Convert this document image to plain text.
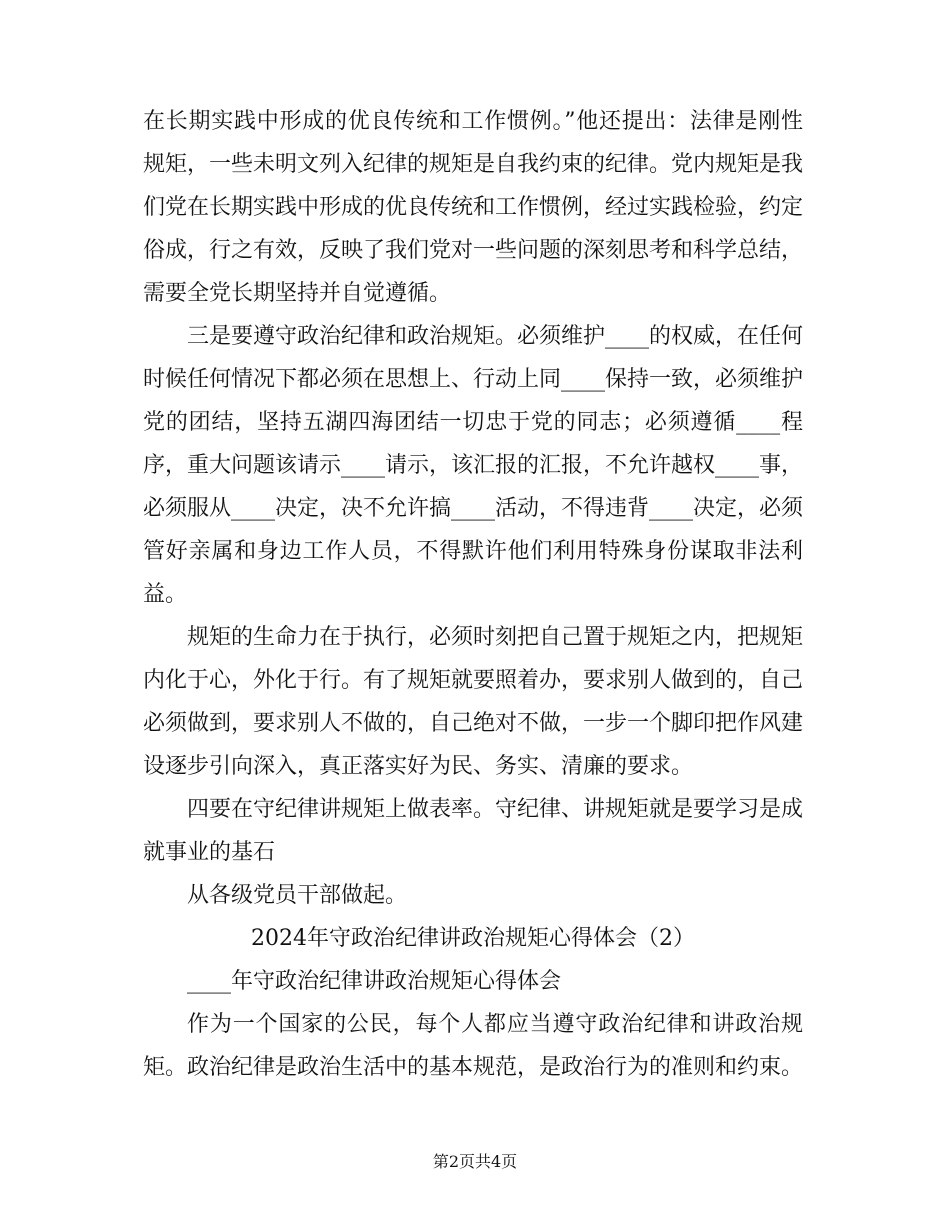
在长期实践中形成的优良传统和工作惯例。”他还提出：法律是刚性规矩，一些未明文列入纪律的规矩是自我约束的纪律。党内规矩是我们党在长期实践中形成的优良传统和工作惯例，经过实践检验，约定俗成，行之有效，反映了我们党对一些问题的深刻思考和科学总结，需要全党长期坚持并自觉遵循。

三是要遵守政治纪律和政治规矩。必须维护____的权威，在任何时候任何情况下都必须在思想上、行动上同____保持一致，必须维护党的团结，坚持五湖四海团结一切忠于党的同志；必须遵循____程序，重大问题该请示____请示，该汇报的汇报，不允许越权____事，必须服从____决定，决不允许搞____活动，不得违背____决定，必须管好亲属和身边工作人员，不得默许他们利用特殊身份谋取非法利益。

规矩的生命力在于执行，必须时刻把自己置于规矩之内，把规矩内化于心，外化于行。有了规矩就要照着办，要求别人做到的，自己必须做到，要求别人不做的，自己绝对不做，一步一个脚印把作风建设逐步引向深入，真正落实好为民、务实、清廉的要求。

四要在守纪律讲规矩上做表率。守纪律、讲规矩就是要学习是成就事业的基石

从各级党员干部做起。

2024年守政治纪律讲政治规矩心得体会（2）

____年守政治纪律讲政治规矩心得体会

作为一个国家的公民，每个人都应当遵守政治纪律和讲政治规矩。政治纪律是政治生活中的基本规范，是政治行为的准则和约束。

第2页共4页
